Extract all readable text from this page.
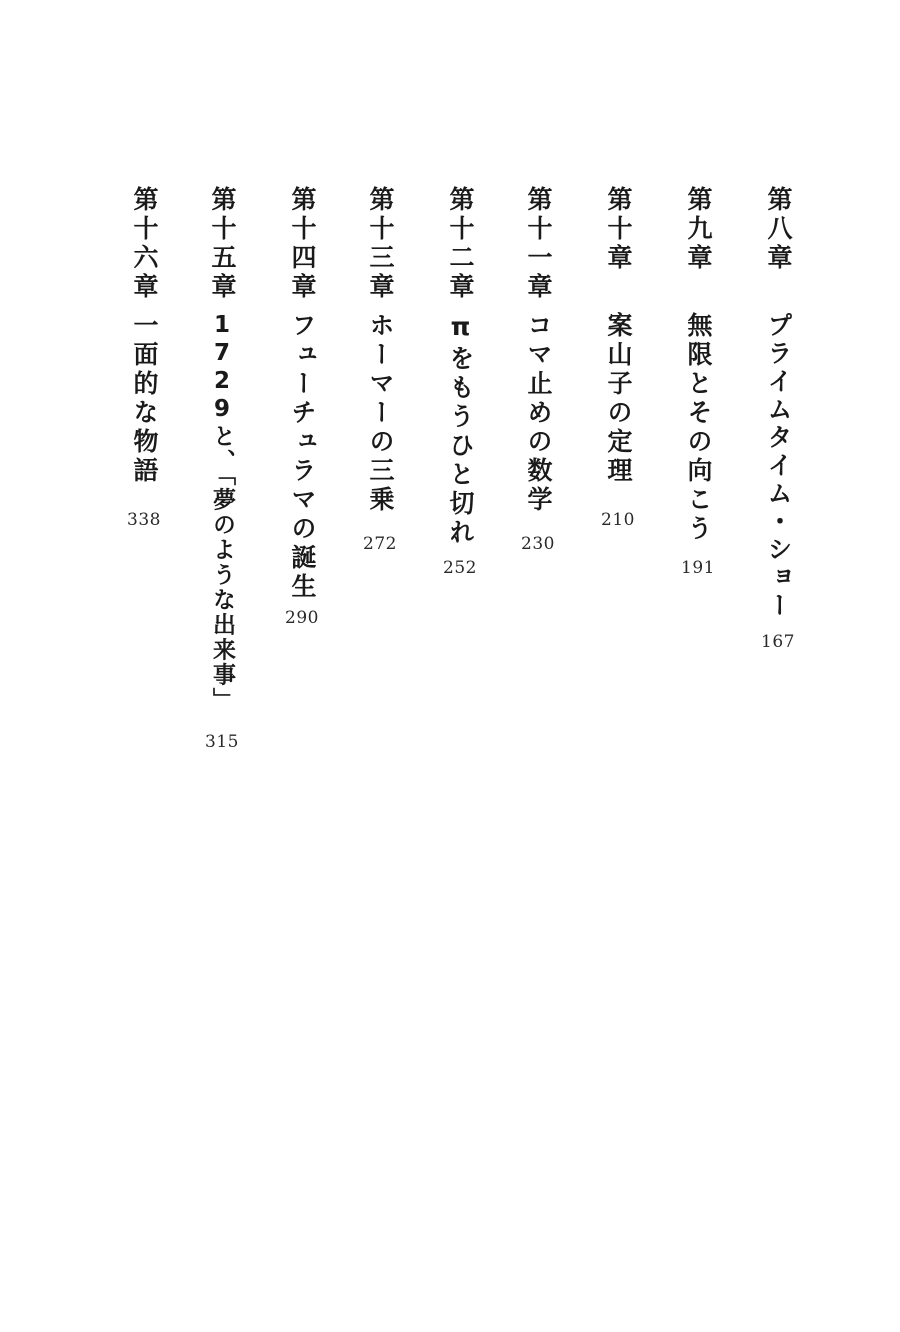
第八章
プライムタイム・ショー
167
第九章
無限とその向こう
191
第十章
案山子の定理
210
第十一章
コマ止めの数学
230
第十二章
πをもうひと切れ
252
第十三章
ホーマーの三乗
272
第十四章
フューチュラマの誕生
290
第十五章
1729と、「夢のような出来事」
315
第十六章
一面的な物語
338
